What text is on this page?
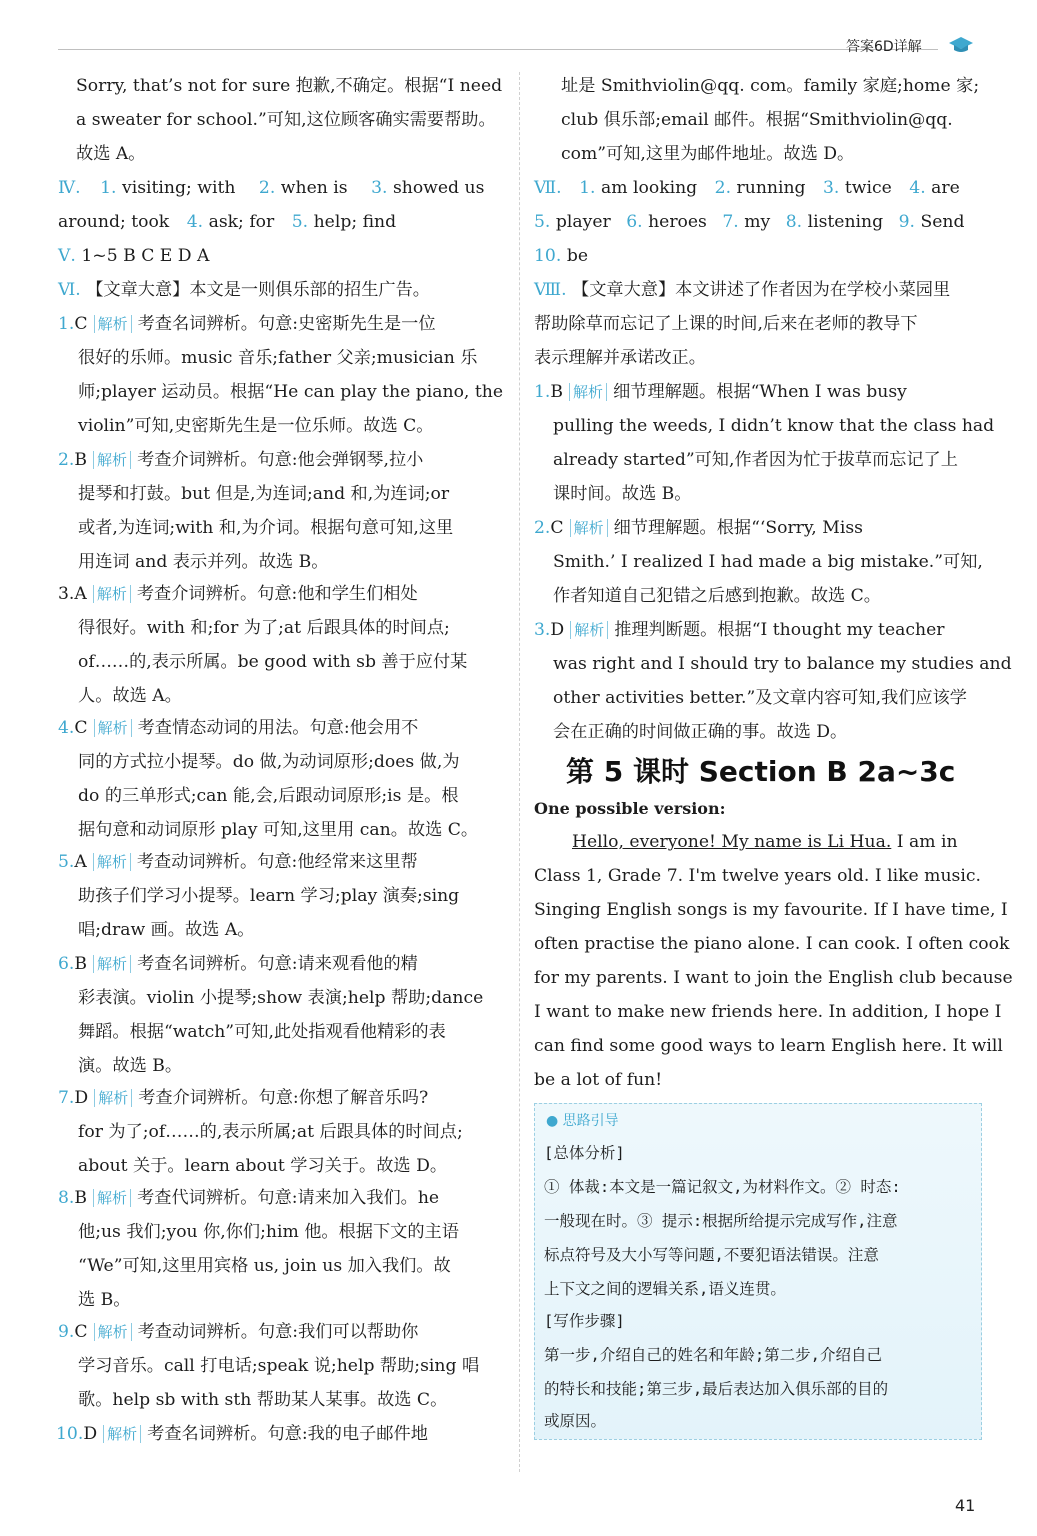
答案6D详解
Sorry, that’s not for sure 抱歉,不确定。根据“I need
a sweater for school.”可知,这位顾客确实需要帮助。
故选 A。
Ⅳ. 1. visiting; with 2. when is 3. showed us
around; took 4. ask; for 5. help; find
Ⅴ. 1~5 B C E D A
Ⅵ. 【文章大意】本文是一则俱乐部的招生广告。
1.C 解析 考查名词辨析。句意:史密斯先生是一位
很好的乐师。music 音乐;father 父亲;musician 乐
师;player 运动员。根据“He can play the piano, the
violin”可知,史密斯先生是一位乐师。故选 C。
2.B 解析 考查介词辨析。句意:他会弹钢琴,拉小
提琴和打鼓。but 但是,为连词;and 和,为连词;or
或者,为连词;with 和,为介词。根据句意可知,这里
用连词 and 表示并列。故选 B。
3.A 解析 考查介词辨析。句意:他和学生们相处
得很好。with 和;for 为了;at 后跟具体的时间点;
of……的,表示所属。be good with sb 善于应付某
人。故选 A。
4.C 解析 考查情态动词的用法。句意:他会用不
同的方式拉小提琴。do 做,为动词原形;does 做,为
do 的三单形式;can 能,会,后跟动词原形;is 是。根
据句意和动词原形 play 可知,这里用 can。故选 C。
5.A 解析 考查动词辨析。句意:他经常来这里帮
助孩子们学习小提琴。learn 学习;play 演奏;sing
唱;draw 画。故选 A。
6.B 解析 考查名词辨析。句意:请来观看他的精
彩表演。violin 小提琴;show 表演;help 帮助;dance
舞蹈。根据“watch”可知,此处指观看他精彩的表
演。故选 B。
7.D 解析 考查介词辨析。句意:你想了解音乐吗?
for 为了;of……的,表示所属;at 后跟具体的时间点;
about 关于。learn about 学习关于。故选 D。
8.B 解析 考查代词辨析。句意:请来加入我们。he
他;us 我们;you 你,你们;him 他。根据下文的主语
“We”可知,这里用宾格 us, join us 加入我们。故
选 B。
9.C 解析 考查动词辨析。句意:我们可以帮助你
学习音乐。call 打电话;speak 说;help 帮助;sing 唱
歌。help sb with sth 帮助某人某事。故选 C。
10.D 解析 考查名词辨析。句意:我的电子邮件地
址是 Smithviolin@qq. com。family 家庭;home 家;
club 俱乐部;email 邮件。根据“Smithviolin@qq.
com”可知,这里为邮件地址。故选 D。
Ⅶ. 1. am looking 2. running 3. twice 4. are
5. player 6. heroes 7. my 8. listening 9. Send
10. be
Ⅷ. 【文章大意】本文讲述了作者因为在学校小菜园里
帮助除草而忘记了上课的时间,后来在老师的教导下
表示理解并承诺改正。
1.B 解析 细节理解题。根据“When I was busy
pulling the weeds, I didn’t know that the class had
already started”可知,作者因为忙于拔草而忘记了上
课时间。故选 B。
2.C 解析 细节理解题。根据“‘Sorry, Miss
Smith.’ I realized I had made a big mistake.”可知,
作者知道自己犯错之后感到抱歉。故选 C。
3.D 解析 推理判断题。根据“I thought my teacher
was right and I should try to balance my studies and
other activities better.”及文章内容可知,我们应该学
会在正确的时间做正确的事。故选 D。
第 5 课时 Section B 2a~3c
One possible version:
Hello, everyone! My name is Li Hua. I am in
Class 1, Grade 7. I'm twelve years old. I like music.
Singing English songs is my favourite. If I have time, I
often practise the piano alone. I can cook. I often cook
for my parents. I want to join the English club because
I want to make new friends here. In addition, I hope I
can find some good ways to learn English here. It will
be a lot of fun!
● 思路引导
[总体分析]
① 体裁:本文是一篇记叙文,为材料作文。② 时态:
一般现在时。③ 提示:根据所给提示完成写作,注意
标点符号及大小写等问题,不要犯语法错误。注意
上下文之间的逻辑关系,语义连贯。
[写作步骤]
第一步,介绍自己的姓名和年龄;第二步,介绍自己
的特长和技能;第三步,最后表达加入俱乐部的目的
或原因。
41
